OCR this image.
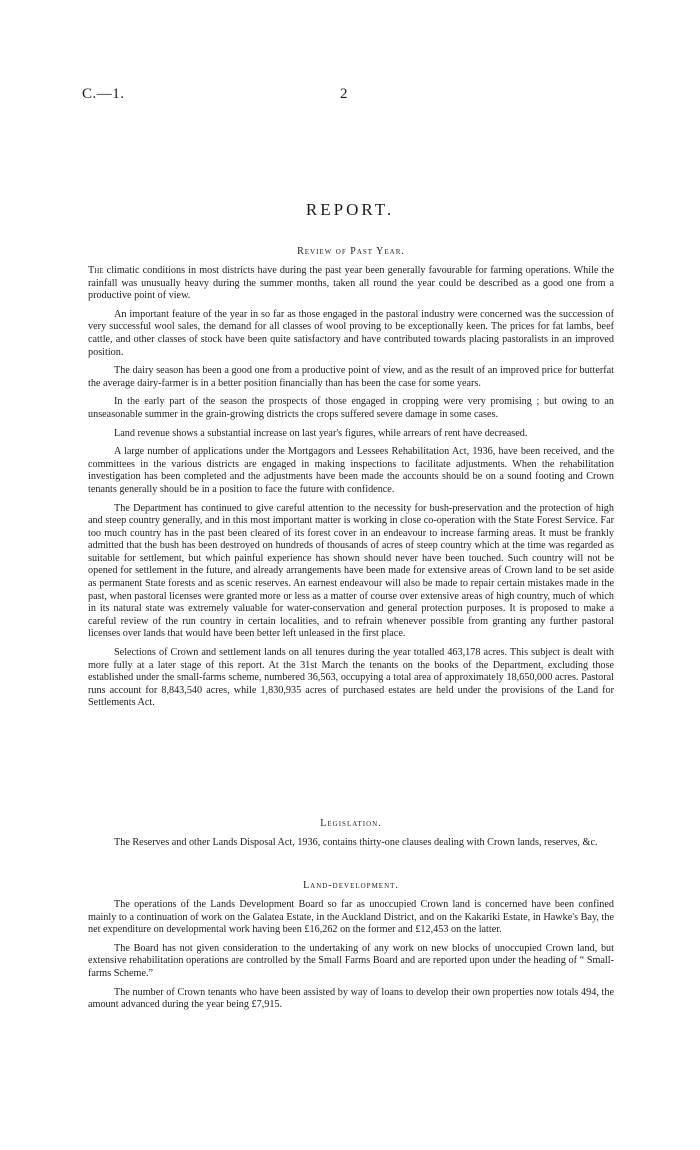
C.—1.	2
REPORT.
Review of Past Year.

The climatic conditions in most districts have during the past year been generally favourable for farming operations. While the rainfall was unusually heavy during the summer months, taken all round the year could be described as a good one from a productive point of view.

An important feature of the year in so far as those engaged in the pastoral industry were concerned was the succession of very successful wool sales, the demand for all classes of wool proving to be exceptionally keen. The prices for fat lambs, beef cattle, and other classes of stock have been quite satisfactory and have contributed towards placing pastoralists in an improved position.

The dairy season has been a good one from a productive point of view, and as the result of an improved price for butterfat the average dairy-farmer is in a better position financially than has been the case for some years.

In the early part of the season the prospects of those engaged in cropping were very promising ; but owing to an unseasonable summer in the grain-growing districts the crops suffered severe damage in some cases.

Land revenue shows a substantial increase on last year's figures, while arrears of rent have decreased.

A large number of applications under the Mortgagors and Lessees Rehabilitation Act, 1936, have been received, and the committees in the various districts are engaged in making inspections to facilitate adjustments. When the rehabilitation investigation has been completed and the adjustments have been made the accounts should be on a sound footing and Crown tenants generally should be in a position to face the future with confidence.

The Department has continued to give careful attention to the necessity for bush-preservation and the protection of high and steep country generally, and in this most important matter is working in close co-operation with the State Forest Service. Far too much country has in the past been cleared of its forest cover in an endeavour to increase farming areas. It must be frankly admitted that the bush has been destroyed on hundreds of thousands of acres of steep country which at the time was regarded as suitable for settlement, but which painful experience has shown should never have been touched. Such country will not be opened for settlement in the future, and already arrangements have been made for extensive areas of Crown land to be set aside as permanent State forests and as scenic reserves. An earnest endeavour will also be made to repair certain mistakes made in the past, when pastoral licenses were granted more or less as a matter of course over extensive areas of high country, much of which in its natural state was extremely valuable for water-conservation and general protection purposes. It is proposed to make a careful review of the run country in certain localities, and to refrain whenever possible from granting any further pastoral licenses over lands that would have been better left unleased in the first place.

Selections of Crown and settlement lands on all tenures during the year totalled 463,178 acres. This subject is dealt with more fully at a later stage of this report. At the 31st March the tenants on the books of the Department, excluding those established under the small-farms scheme, numbered 36,563, occupying a total area of approximately 18,650,000 acres. Pastoral runs account for 8,843,540 acres, while 1,830,935 acres of purchased estates are held under the provisions of the Land for Settlements Act.

Legislation.

The Reserves and other Lands Disposal Act, 1936, contains thirty-one clauses dealing with Crown lands, reserves, &c.

Land-development.

The operations of the Lands Development Board so far as unoccupied Crown land is concerned have been confined mainly to a continuation of work on the Galatea Estate, in the Auckland District, and on the Kakariki Estate, in Hawke's Bay, the net expenditure on developmental work having been £16,262 on the former and £12,453 on the latter.

The Board has not given consideration to the undertaking of any work on new blocks of unoccupied Crown land, but extensive rehabilitation operations are controlled by the Small Farms Board and are reported upon under the heading of “ Small-farms Scheme.”

The number of Crown tenants who have been assisted by way of loans to develop their own properties now totals 494, the amount advanced during the year being £7,915.
